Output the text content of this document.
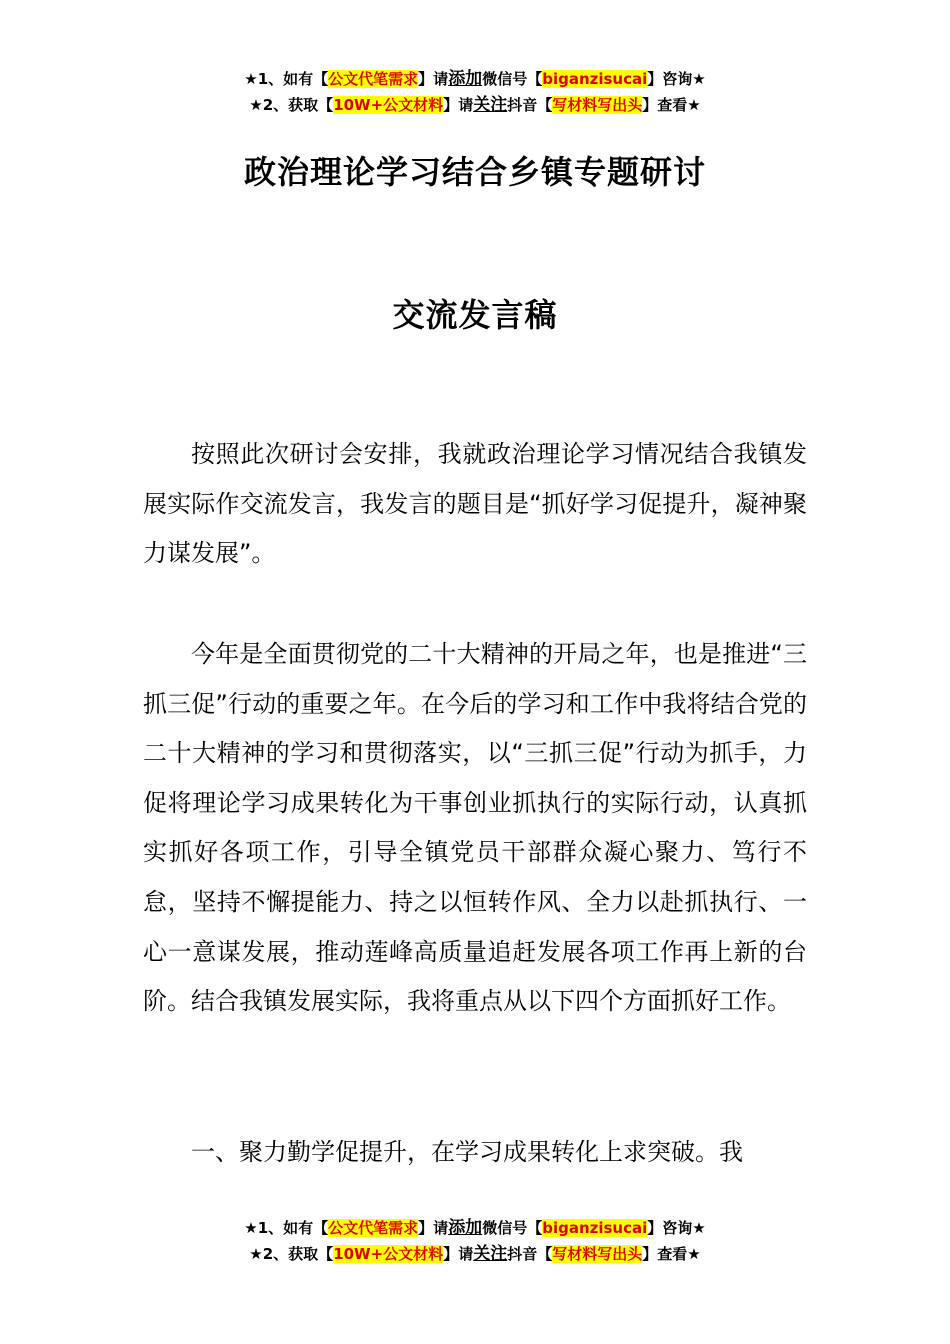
★1、如有【公文代笔需求】请添加微信号【biganzisucai】咨询★
★2、获取【10W+公文材料】请关注抖音【写材料写出头】查看★
政治理论学习结合乡镇专题研讨
交流发言稿

按照此次研讨会安排，我就政治理论学习情况结合我镇发展实际作交流发言，我发言的题目是“抓好学习促提升，凝神聚力谋发展”。

今年是全面贯彻党的二十大精神的开局之年，也是推进“三抓三促”行动的重要之年。在今后的学习和工作中我将结合党的二十大精神的学习和贯彻落实，以“三抓三促”行动为抓手，力促将理论学习成果转化为干事创业抓执行的实际行动，认真抓实抓好各项工作，引导全镇党员干部群众凝心聚力、笃行不怠，坚持不懈提能力、持之以恒转作风、全力以赴抓执行、一心一意谋发展，推动莲峰高质量追赶发展各项工作再上新的台阶。结合我镇发展实际，我将重点从以下四个方面抓好工作。

一、聚力勤学促提升，在学习成果转化上求突破。我

★1、如有【公文代笔需求】请添加微信号【biganzisucai】咨询★
★2、获取【10W+公文材料】请关注抖音【写材料写出头】查看★
